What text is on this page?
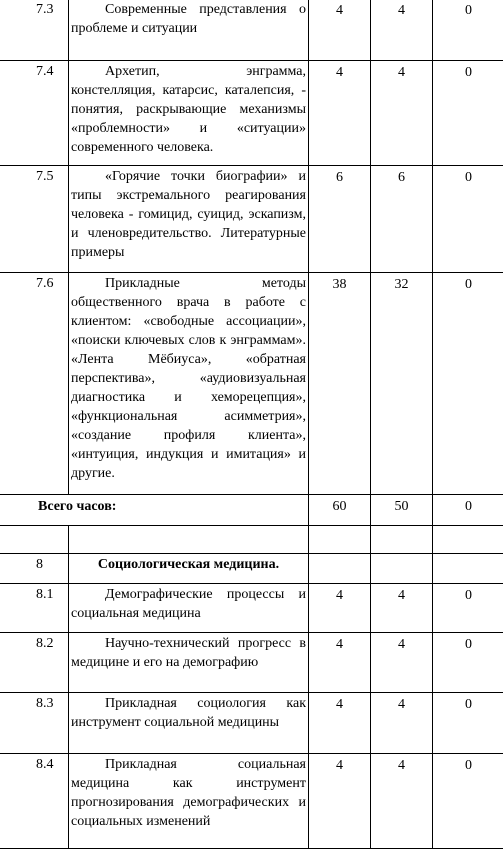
7.3	Современные представления о проблеме и ситуации	4	4	0
7.4	Архетип, энграмма, констелляция, катарсис, каталепсия, - понятия, раскрывающие механизмы «проблемности» и «ситуации» современного человека.	4	4	0
7.5	«Горячие точки биографии» и типы экстремального реагирования человека - гомицид, суицид, эскапизм, и членовредительство. Литературные примеры	6	6	0
7.6	Прикладные методы общественного врача в работе с клиентом: «свободные ассоциации», «поиски ключевых слов к энграммам». «Лента Мёбиуса», «обратная перспектива», «аудиовизуальная диагностика и хеморецепция», «функциональная асимметрия», «создание профиля клиента», «интуиция, индукция и имитация» и другие.	38	32	0
Всего часов:		60	50	0

8	Социологическая медицина.			
8.1	Демографические процессы и социальная медицина	4	4	0
8.2	Научно-технический прогресс в медицине и его на демографию	4	4	0
8.3	Прикладная социология как инструмент социальной медицины	4	4	0
8.4	Прикладная социальная медицина как инструмент прогнозирования демографических и социальных изменений	4	4	0
